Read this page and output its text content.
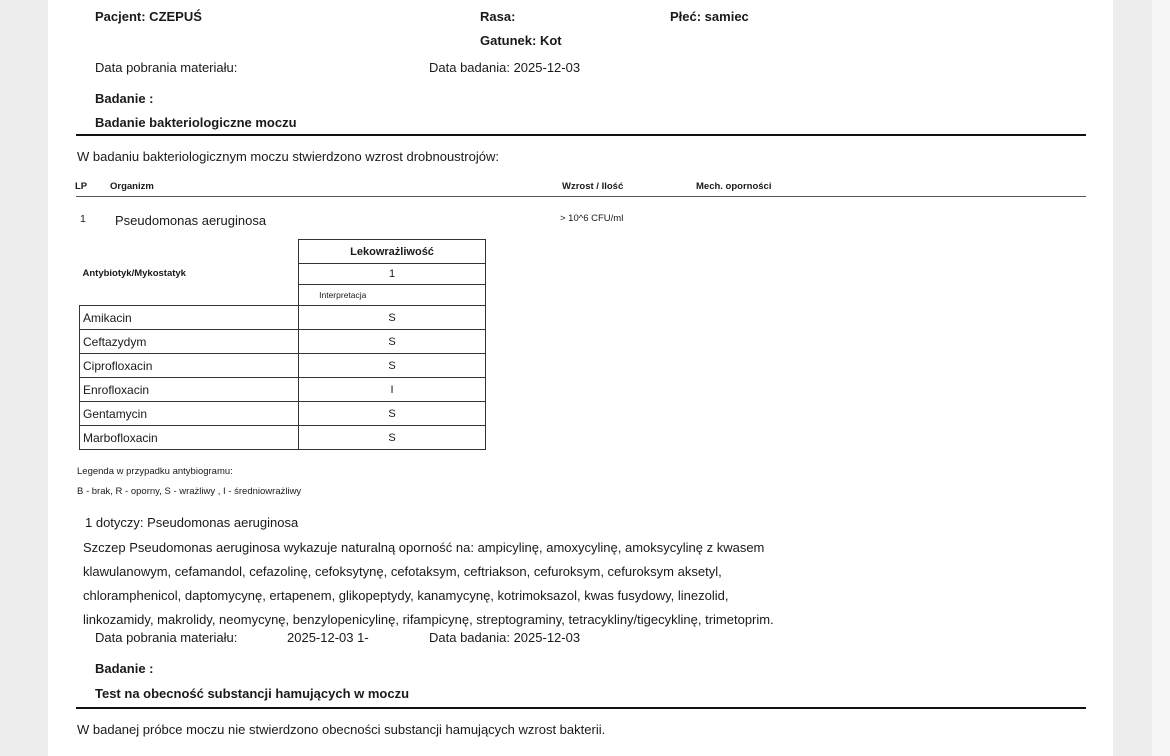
Pacjent: CZEPUŚ	Rasa:	Płeć: samiec
Gatunek: Kot
Data pobrania materiału:	Data badania: 2025-12-03
Badanie :
Badanie bakteriologiczne moczu
W badaniu bakteriologicznym moczu stwierdzono wzrost drobnoustrojów:
LP Organizm	Wzrost / Ilość	Mech. oporności
1 Pseudomonas aeruginosa	> 10^6 CFU/ml
Antybiotyk/Mykostatyk	Lekowrażliwość
	1
	Interpretacja
Amikacin	S
Ceftazydym	S
Ciprofloxacin	S
Enrofloxacin	I
Gentamycin	S
Marbofloxacin	S
Legenda w przypadku antybiogramu:
B - brak, R - oporny, S - wrażliwy , I - średniowrażliwy
1 dotyczy: Pseudomonas aeruginosa
Szczep Pseudomonas aeruginosa wykazuje naturalną oporność na: ampicylinę, amoxycylinę, amoksycylinę z kwasem
klawulanowym, cefamandol, cefazolinę, cefoksytynę, cefotaksym, ceftriakson, cefuroksym, cefuroksym aksetyl,
chloramphenicol, daptomycynę, ertapenem, glikopeptydy, kanamycynę, kotrimoksazol, kwas fusydowy, linezolid,
linkozamidy, makrolidy, neomycynę, benzylopenicylinę, rifampicynę, streptograminy, tetracykliny/tigecyklinę, trimetoprim.
Data pobrania materiału:	2025-12-03 1-	Data badania: 2025-12-03
Badanie :
Test na obecność substancji hamujących w moczu
W badanej próbce moczu nie stwierdzono obecności substancji hamujących wzrost bakterii.
